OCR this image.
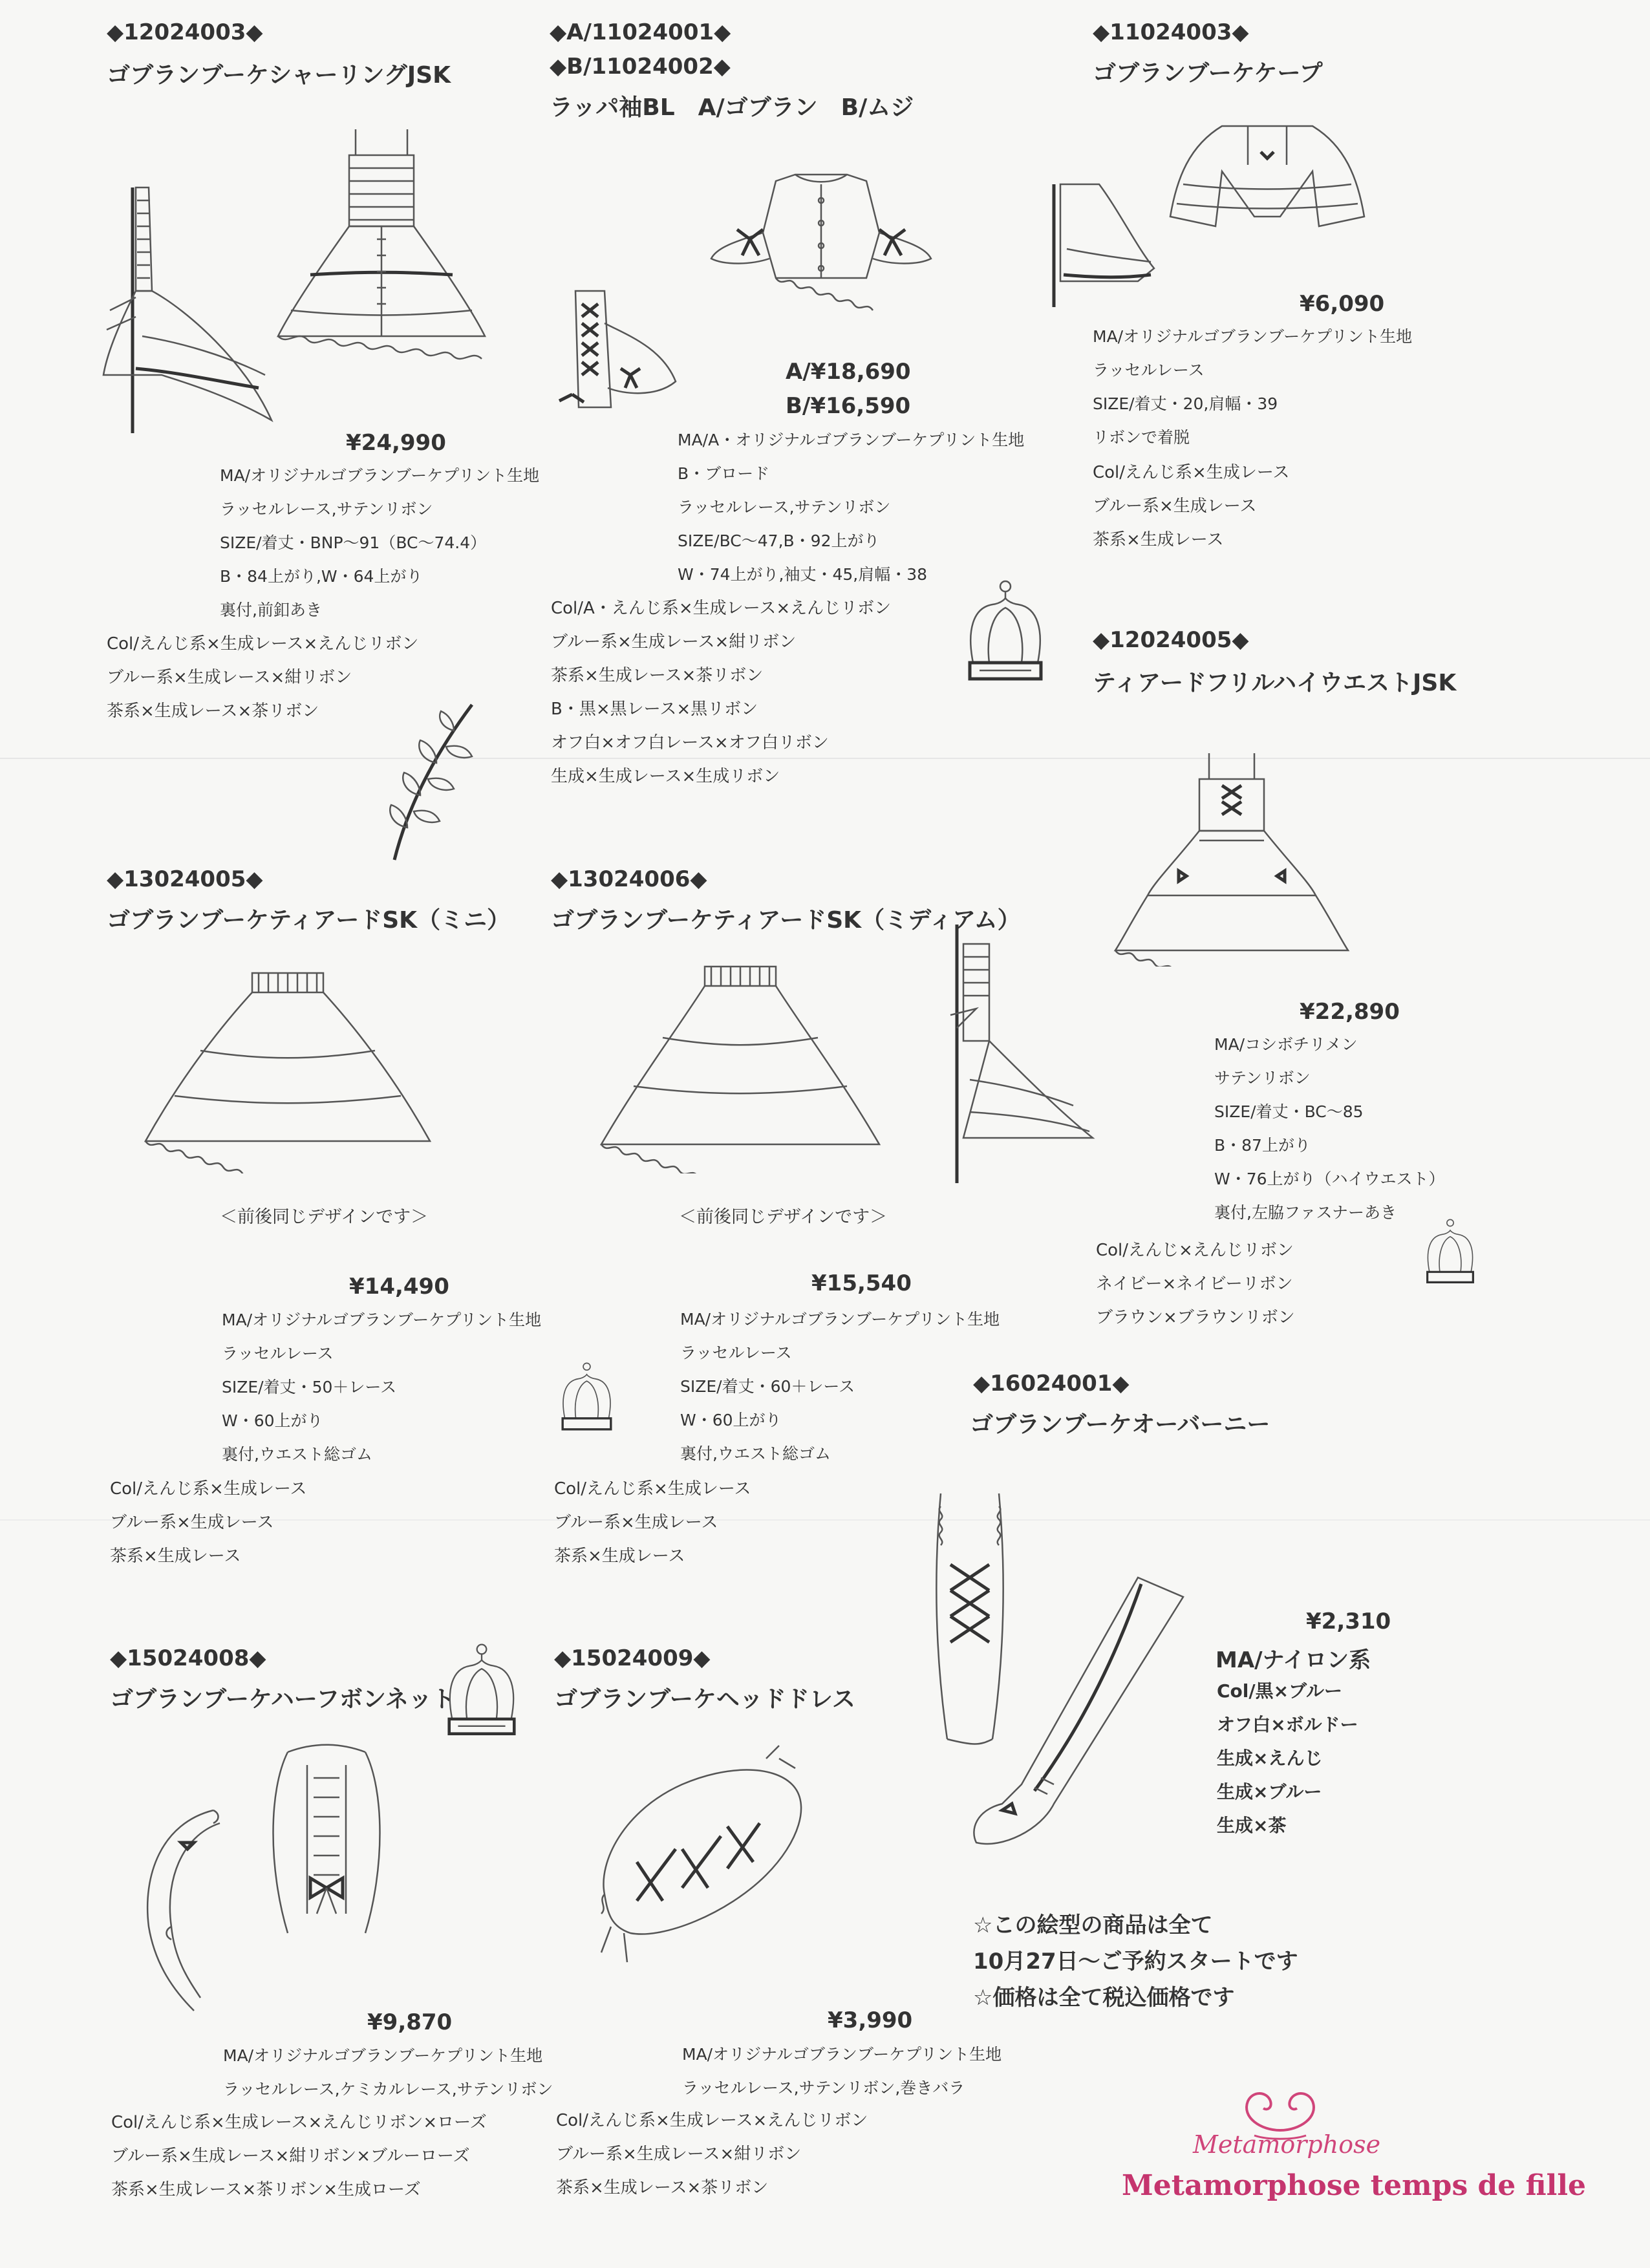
◆12024003◆
ゴブランブーケシャーリングJSK
¥24,990
MA/オリジナルゴブランブーケプリント生地
ラッセルレース,サテンリボン
SIZE/着丈・BNP〜91（BC〜74.4）
B・84上がり,W・64上がり
裏付,前釦あき
Col/えんじ系×生成レース×えんじリボン
ブルー系×生成レース×紺リボン
茶系×生成レース×茶リボン
◆A/11024001◆
◆B/11024002◆
ラッパ袖BL　A/ゴブラン　B/ムジ
A/¥18,690
B/¥16,590
MA/A・オリジナルゴブランブーケプリント生地
B・ブロード
ラッセルレース,サテンリボン
SIZE/BC〜47,B・92上がり
W・74上がり,袖丈・45,肩幅・38
Col/A・えんじ系×生成レース×えんじリボン
ブルー系×生成レース×紺リボン
茶系×生成レース×茶リボン
B・黒×黒レース×黒リボン
オフ白×オフ白レース×オフ白リボン
生成×生成レース×生成リボン
◆11024003◆
ゴブランブーケケープ
¥6,090
MA/オリジナルゴブランブーケプリント生地
ラッセルレース
SIZE/着丈・20,肩幅・39
リボンで着脱
Col/えんじ系×生成レース
ブルー系×生成レース
茶系×生成レース
◆12024005◆
ティアードフリルハイウエストJSK
¥22,890
MA/コシボチリメン
サテンリボン
SIZE/着丈・BC〜85
B・87上がり
W・76上がり（ハイウエスト）
裏付,左脇ファスナーあき
Col/えんじ×えんじリボン
ネイビー×ネイビーリボン
ブラウン×ブラウンリボン
◆13024005◆
ゴブランブーケティアードSK（ミニ）
＜前後同じデザインです＞
¥14,490
MA/オリジナルゴブランブーケプリント生地
ラッセルレース
SIZE/着丈・50＋レース
W・60上がり
裏付,ウエスト総ゴム
Col/えんじ系×生成レース
ブルー系×生成レース
茶系×生成レース
◆13024006◆
ゴブランブーケティアードSK（ミディアム）
＜前後同じデザインです＞
¥15,540
MA/オリジナルゴブランブーケプリント生地
ラッセルレース
SIZE/着丈・60＋レース
W・60上がり
裏付,ウエスト総ゴム
Col/えんじ系×生成レース
ブルー系×生成レース
茶系×生成レース
◆16024001◆
ゴブランブーケオーバーニー
¥2,310
MA/ナイロン系
Col/黒×ブルー
オフ白×ボルドー
生成×えんじ
生成×ブルー
生成×茶
◆15024008◆
ゴブランブーケハーフボンネット
¥9,870
MA/オリジナルゴブランブーケプリント生地
ラッセルレース,ケミカルレース,サテンリボン
Col/えんじ系×生成レース×えんじリボン×ローズ
ブルー系×生成レース×紺リボン×ブルーローズ
茶系×生成レース×茶リボン×生成ローズ
◆15024009◆
ゴブランブーケヘッドドレス
¥3,990
MA/オリジナルゴブランブーケプリント生地
ラッセルレース,サテンリボン,巻きバラ
Col/えんじ系×生成レース×えんじリボン
ブルー系×生成レース×紺リボン
茶系×生成レース×茶リボン
☆この絵型の商品は全て
10月27日〜ご予約スタートです
☆価格は全て税込価格です
Metamorphose
Metamorphose temps de fille
